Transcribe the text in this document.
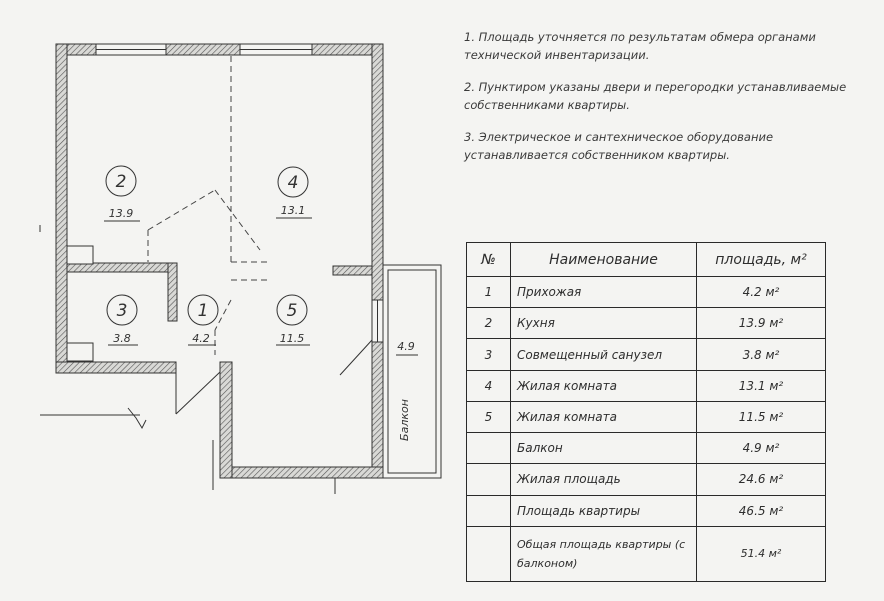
2
13.9
4
13.1
3
3.8
1
4.2
5
11.5
4.9
Балкон

1. Площадь уточняется по результатам обмера органами технической инвентаризации.

2. Пунктиром указаны двери и перегородки устанавливаемые собственниками квартиры.

3. Электрическое и сантехническое оборудование устанавливается собственником квартиры.

№	Наименование	площадь, м²
1	Прихожая	4.2 м²
2	Кухня	13.9 м²
3	Совмещенный санузел	3.8 м²
4	Жилая комната	13.1 м²
5	Жилая комната	11.5 м²
	Балкон	4.9 м²
	Жилая площадь	24.6 м²
	Площадь квартиры	46.5 м²
	Общая площадь квартиры (с балконом)	51.4 м²
